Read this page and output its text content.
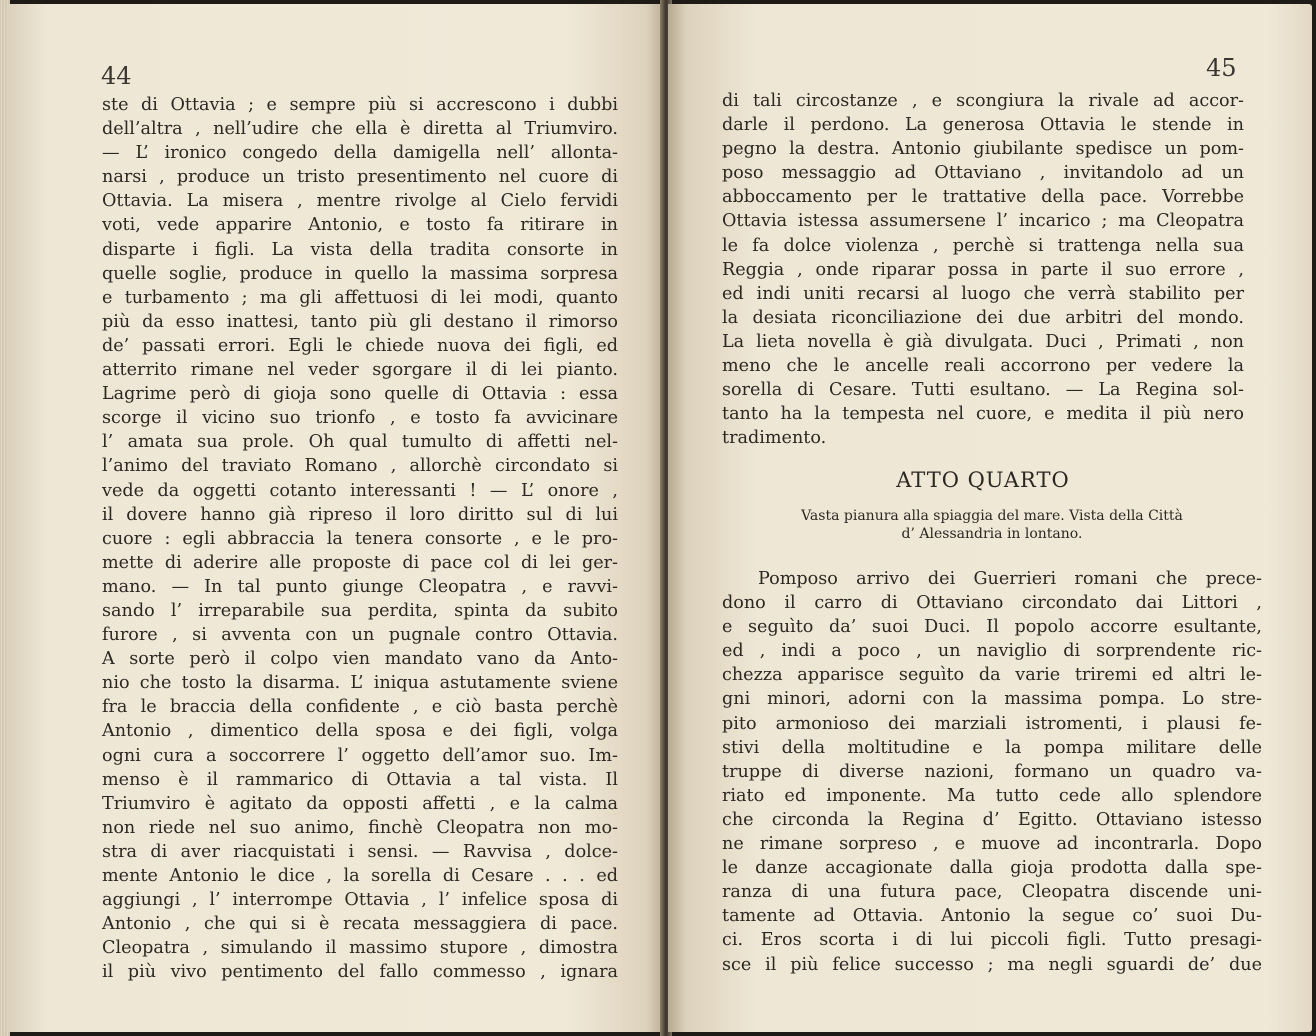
44
ste di Ottavia ; e sempre più si accrescono i dubbi
dell’altra , nell’udire che ella è diretta al Triumviro.
— L’ ironico congedo della damigella nell’ allonta-
narsi , produce un tristo presentimento nel cuore di
Ottavia. La misera , mentre rivolge al Cielo fervidi
voti, vede apparire Antonio, e tosto fa ritirare in
disparte i figli. La vista della tradita consorte in
quelle soglie, produce in quello la massima sorpresa
e turbamento ; ma gli affettuosi di lei modi, quanto
più da esso inattesi, tanto più gli destano il rimorso
de’ passati errori. Egli le chiede nuova dei figli, ed
atterrito rimane nel veder sgorgare il di lei pianto.
Lagrime però di gioja sono quelle di Ottavia : essa
scorge il vicino suo trionfo , e tosto fa avvicinare
l’ amata sua prole. Oh qual tumulto di affetti nel-
l’animo del traviato Romano , allorchè circondato si
vede da oggetti cotanto interessanti ! — L’ onore ,
il dovere hanno già ripreso il loro diritto sul di lui
cuore : egli abbraccia la tenera consorte , e le pro-
mette di aderire alle proposte di pace col di lei ger-
mano. — In tal punto giunge Cleopatra , e ravvi-
sando l’ irreparabile sua perdita, spinta da subito
furore , si avventa con un pugnale contro Ottavia.
A sorte però il colpo vien mandato vano da Anto-
nio che tosto la disarma. L’ iniqua astutamente sviene
fra le braccia della confidente , e ciò basta perchè
Antonio , dimentico della sposa e dei figli, volga
ogni cura a soccorrere l’ oggetto dell’amor suo. Im-
menso è il rammarico di Ottavia a tal vista. Il
Triumviro è agitato da opposti affetti , e la calma
non riede nel suo animo, finchè Cleopatra non mo-
stra di aver riacquistati i sensi. — Ravvisa , dolce-
mente Antonio le dice , la sorella di Cesare . . . ed
aggiungi , l’ interrompe Ottavia , l’ infelice sposa di
Antonio , che qui si è recata messaggiera di pace.
Cleopatra , simulando il massimo stupore , dimostra
il più vivo pentimento del fallo commesso , ignara
45
di tali circostanze , e scongiura la rivale ad accor-
darle il perdono. La generosa Ottavia le stende in
pegno la destra. Antonio giubilante spedisce un pom-
poso messaggio ad Ottaviano , invitandolo ad un
abboccamento per le trattative della pace. Vorrebbe
Ottavia istessa assumersene l’ incarico ; ma Cleopatra
le fa dolce violenza , perchè si trattenga nella sua
Reggia , onde riparar possa in parte il suo errore ,
ed indi uniti recarsi al luogo che verrà stabilito per
la desiata riconciliazione dei due arbitri del mondo.
La lieta novella è già divulgata. Duci , Primati , non
meno che le ancelle reali accorrono per vedere la
sorella di Cesare. Tutti esultano. — La Regina sol-
tanto ha la tempesta nel cuore, e medita il più nero
tradimento.
ATTO QUARTO
Vasta pianura alla spiaggia del mare. Vista della Città
d’ Alessandria in lontano.
Pomposo arrivo dei Guerrieri romani che prece-
dono il carro di Ottaviano circondato dai Littori ,
e seguìto da’ suoi Duci. Il popolo accorre esultante,
ed , indi a poco , un naviglio di sorprendente ric-
chezza apparisce seguìto da varie triremi ed altri le-
gni minori, adorni con la massima pompa. Lo stre-
pito armonioso dei marziali istromenti, i plausi fe-
stivi della moltitudine e la pompa militare delle
truppe di diverse nazioni, formano un quadro va-
riato ed imponente. Ma tutto cede allo splendore
che circonda la Regina d’ Egitto. Ottaviano istesso
ne rimane sorpreso , e muove ad incontrarla. Dopo
le danze accagionate dalla gioja prodotta dalla spe-
ranza di una futura pace, Cleopatra discende uni-
tamente ad Ottavia. Antonio la segue co’ suoi Du-
ci. Eros scorta i di lui piccoli figli. Tutto presagi-
sce il più felice successo ; ma negli sguardi de’ due
